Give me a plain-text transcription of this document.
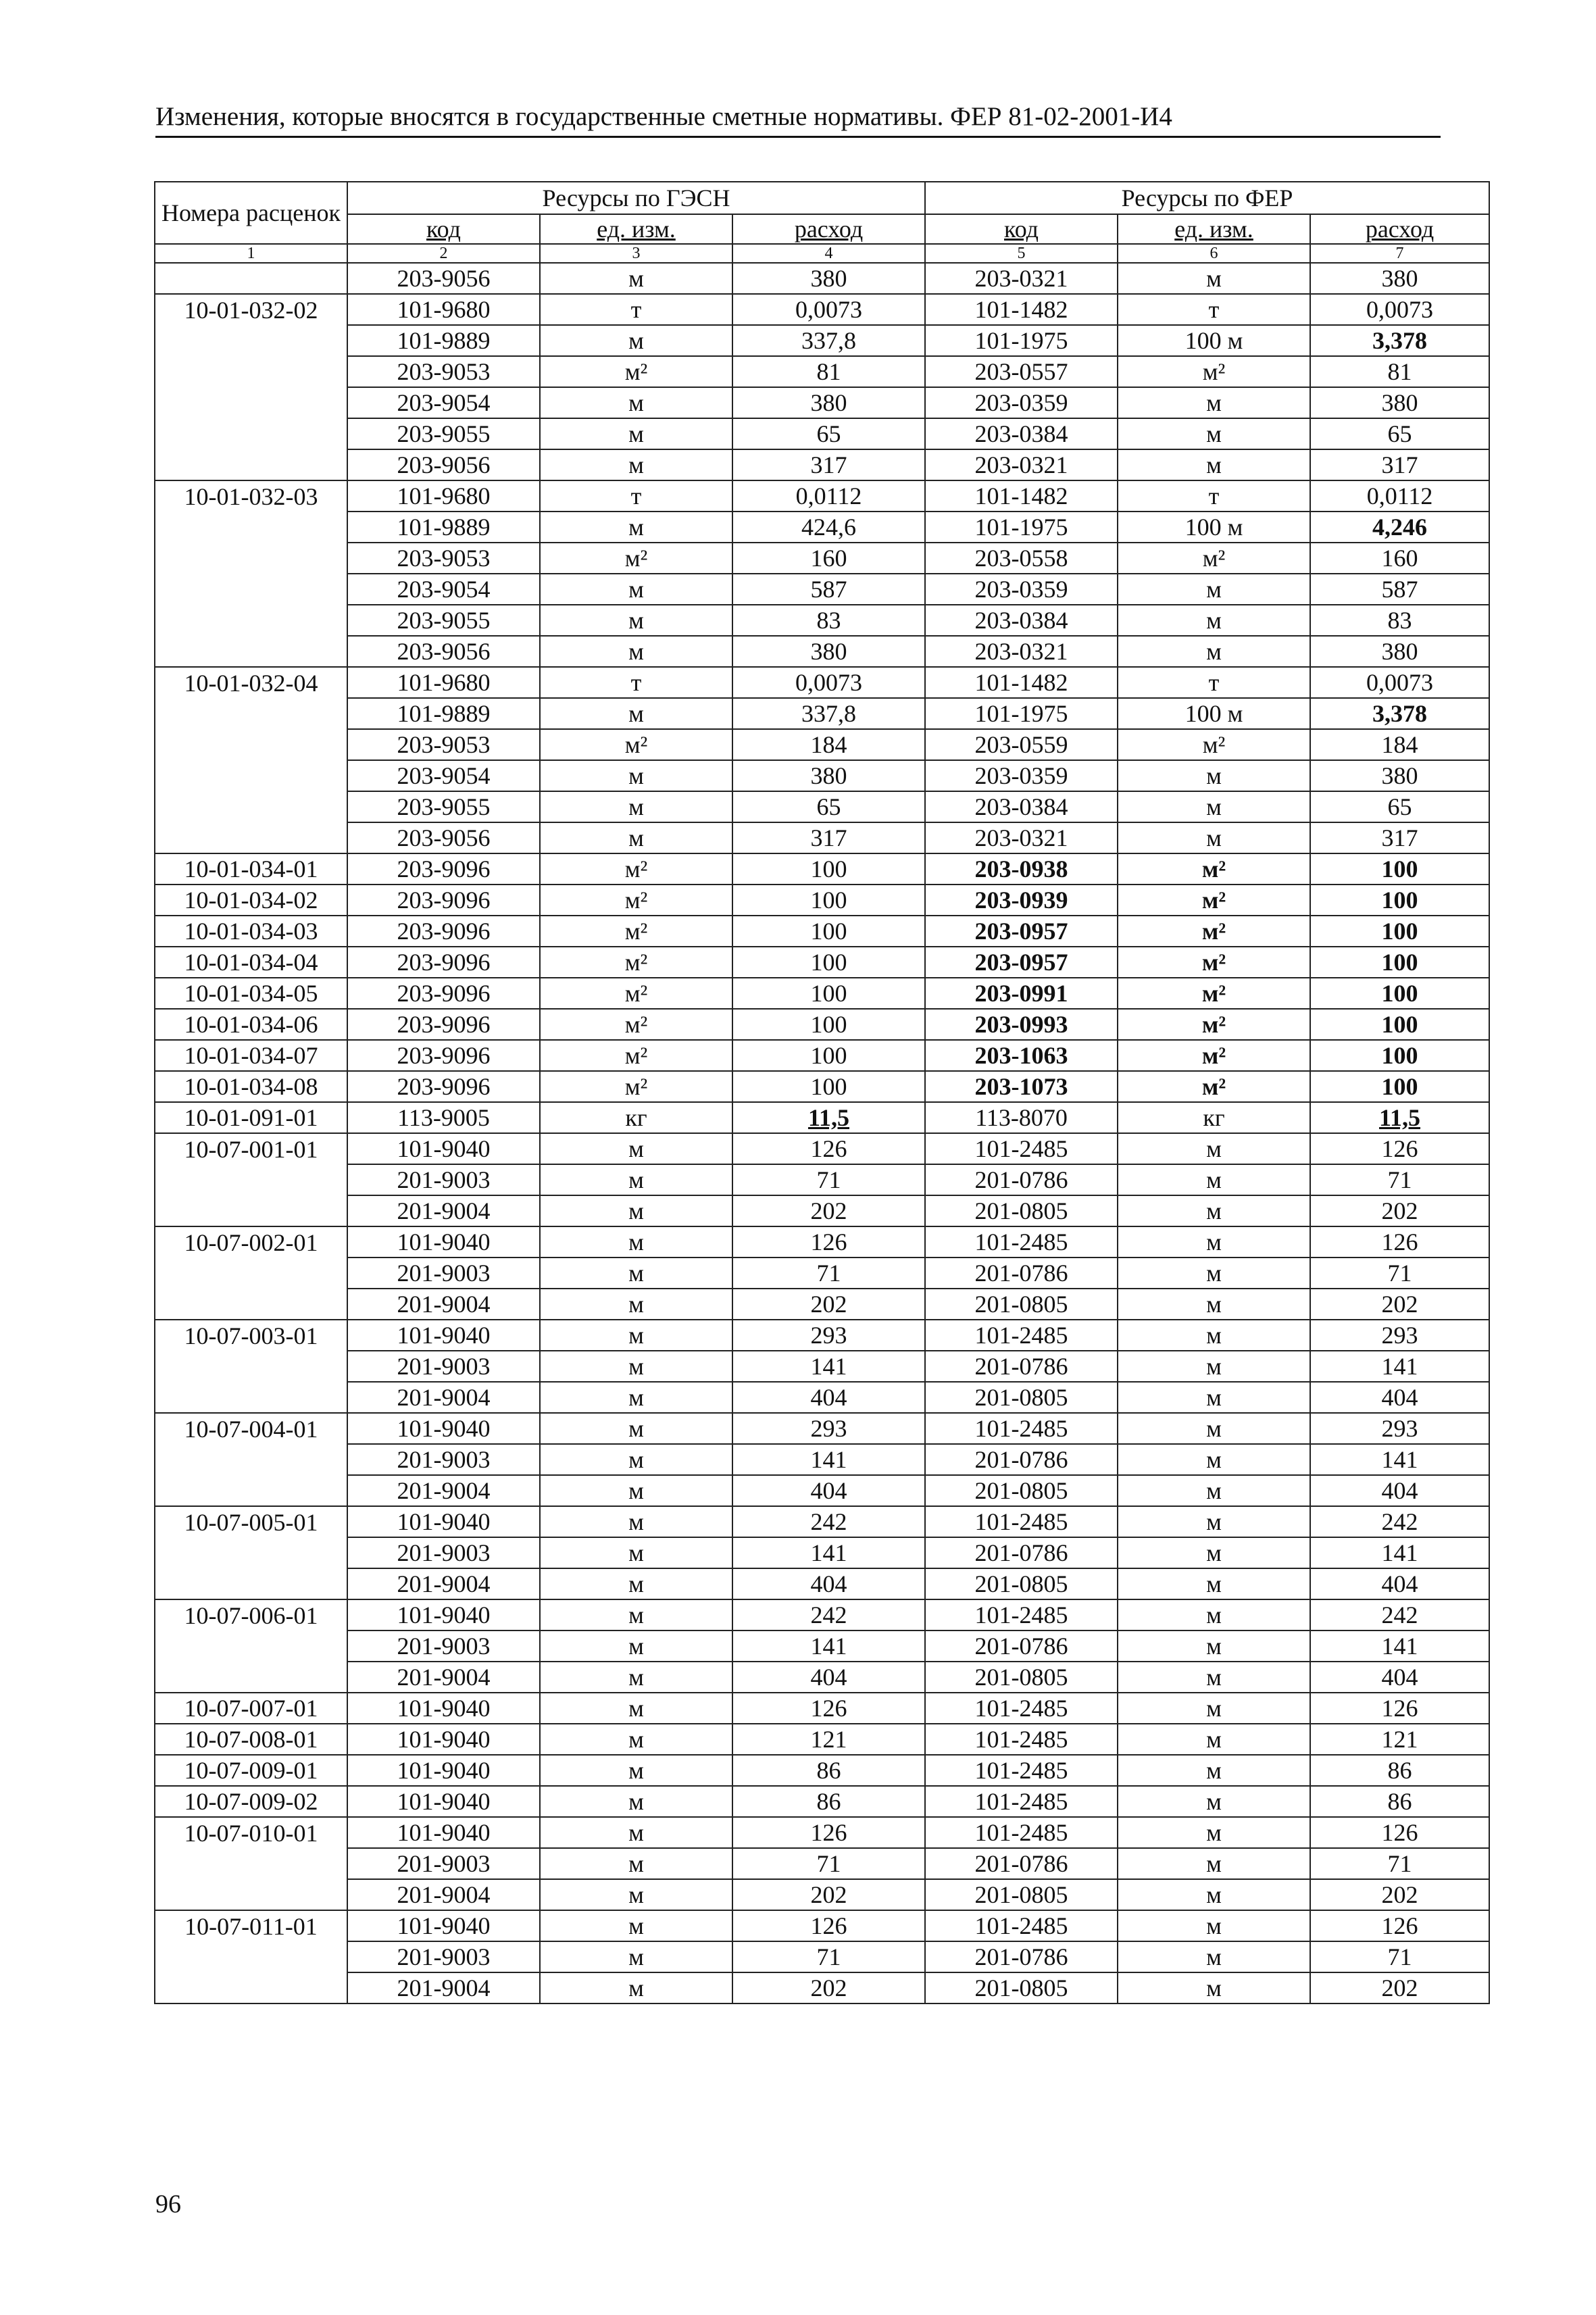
Изменения, которые вносятся в государственные сметные нормативы. ФЕР 81-02-2001-И4
Номера расценок	Ресурсы по ГЭСН			Ресурсы по ФЕР		
	код	ед. изм.	расход	код	ед. изм.	расход
1	2	3	4	5	6	7
	203-9056	м	380	203-0321	м	380
10-01-032-02	101-9680	т	0,0073	101-1482	т	0,0073
	101-9889	м	337,8	101-1975	100 м	3,378
	203-9053	м²	81	203-0557	м²	81
	203-9054	м	380	203-0359	м	380
	203-9055	м	65	203-0384	м	65
	203-9056	м	317	203-0321	м	317
10-01-032-03	101-9680	т	0,0112	101-1482	т	0,0112
	101-9889	м	424,6	101-1975	100 м	4,246
	203-9053	м²	160	203-0558	м²	160
	203-9054	м	587	203-0359	м	587
	203-9055	м	83	203-0384	м	83
	203-9056	м	380	203-0321	м	380
10-01-032-04	101-9680	т	0,0073	101-1482	т	0,0073
	101-9889	м	337,8	101-1975	100 м	3,378
	203-9053	м²	184	203-0559	м²	184
	203-9054	м	380	203-0359	м	380
	203-9055	м	65	203-0384	м	65
	203-9056	м	317	203-0321	м	317
10-01-034-01	203-9096	м²	100	203-0938	м²	100
10-01-034-02	203-9096	м²	100	203-0939	м²	100
10-01-034-03	203-9096	м²	100	203-0957	м²	100
10-01-034-04	203-9096	м²	100	203-0957	м²	100
10-01-034-05	203-9096	м²	100	203-0991	м²	100
10-01-034-06	203-9096	м²	100	203-0993	м²	100
10-01-034-07	203-9096	м²	100	203-1063	м²	100
10-01-034-08	203-9096	м²	100	203-1073	м²	100
10-01-091-01	113-9005	кг	11,5	113-8070	кг	11,5
10-07-001-01	101-9040	м	126	101-2485	м	126
	201-9003	м	71	201-0786	м	71
	201-9004	м	202	201-0805	м	202
10-07-002-01	101-9040	м	126	101-2485	м	126
	201-9003	м	71	201-0786	м	71
	201-9004	м	202	201-0805	м	202
10-07-003-01	101-9040	м	293	101-2485	м	293
	201-9003	м	141	201-0786	м	141
	201-9004	м	404	201-0805	м	404
10-07-004-01	101-9040	м	293	101-2485	м	293
	201-9003	м	141	201-0786	м	141
	201-9004	м	404	201-0805	м	404
10-07-005-01	101-9040	м	242	101-2485	м	242
	201-9003	м	141	201-0786	м	141
	201-9004	м	404	201-0805	м	404
10-07-006-01	101-9040	м	242	101-2485	м	242
	201-9003	м	141	201-0786	м	141
	201-9004	м	404	201-0805	м	404
10-07-007-01	101-9040	м	126	101-2485	м	126
10-07-008-01	101-9040	м	121	101-2485	м	121
10-07-009-01	101-9040	м	86	101-2485	м	86
10-07-009-02	101-9040	м	86	101-2485	м	86
10-07-010-01	101-9040	м	126	101-2485	м	126
	201-9003	м	71	201-0786	м	71
	201-9004	м	202	201-0805	м	202
10-07-011-01	101-9040	м	126	101-2485	м	126
	201-9003	м	71	201-0786	м	71
	201-9004	м	202	201-0805	м	202
96
